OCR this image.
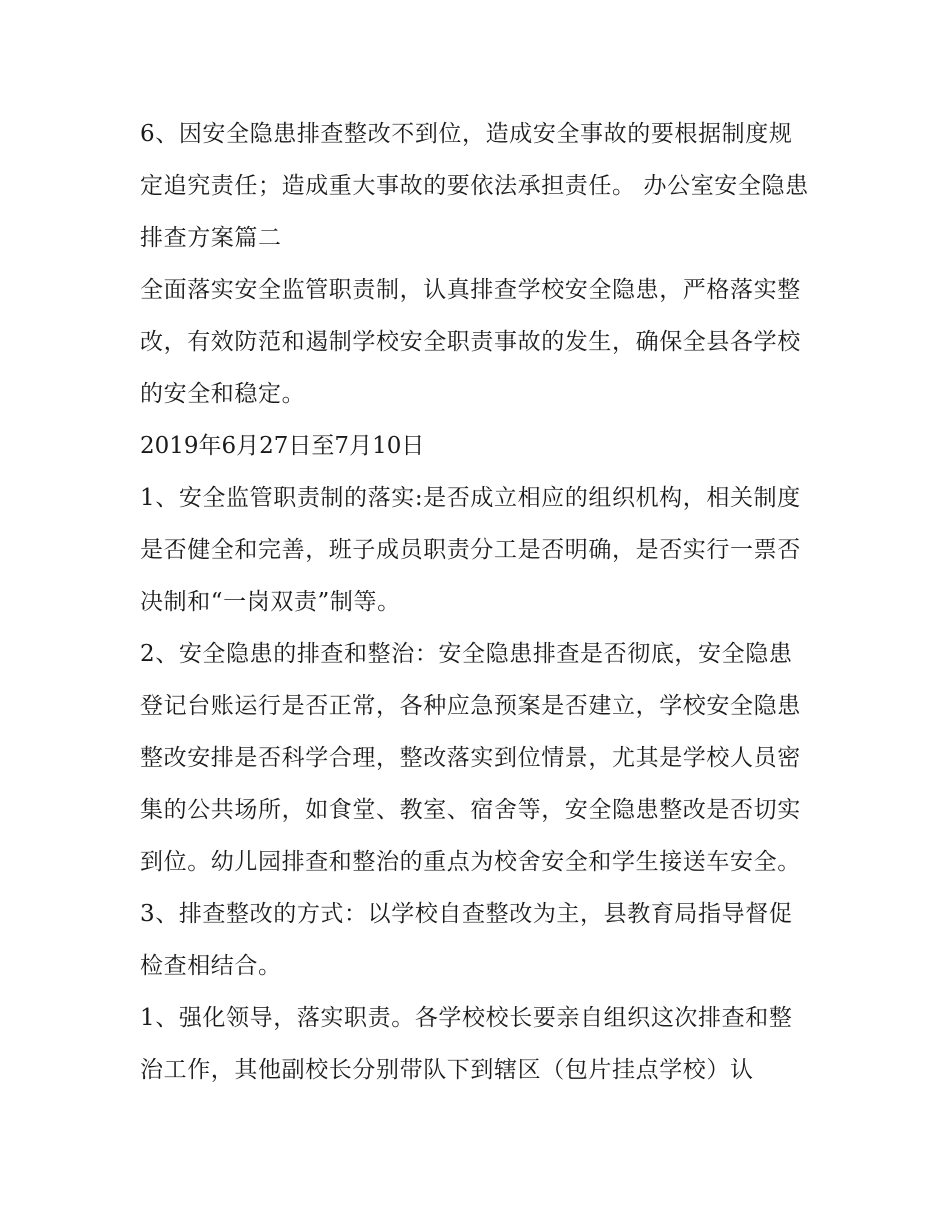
6、因安全隐患排查整改不到位，造成安全事故的要根据制度规定追究责任；造成重大事故的要依法承担责任。 办公室安全隐患排查方案篇二

全面落实安全监管职责制，认真排查学校安全隐患，严格落实整改，有效防范和遏制学校安全职责事故的发生，确保全县各学校的安全和稳定。

2019年6月27日至7月10日

1、安全监管职责制的落实:是否成立相应的组织机构，相关制度是否健全和完善，班子成员职责分工是否明确，是否实行一票否决制和“一岗双责”制等。

2、安全隐患的排查和整治：安全隐患排查是否彻底，安全隐患登记台账运行是否正常，各种应急预案是否建立，学校安全隐患整改安排是否科学合理，整改落实到位情景，尤其是学校人员密集的公共场所，如食堂、教室、宿舍等，安全隐患整改是否切实到位。幼儿园排查和整治的重点为校舍安全和学生接送车安全。

3、排查整改的方式：以学校自查整改为主，县教育局指导督促检查相结合。

1、强化领导，落实职责。各学校校长要亲自组织这次排查和整治工作，其他副校长分别带队下到辖区（包片挂点学校）认
